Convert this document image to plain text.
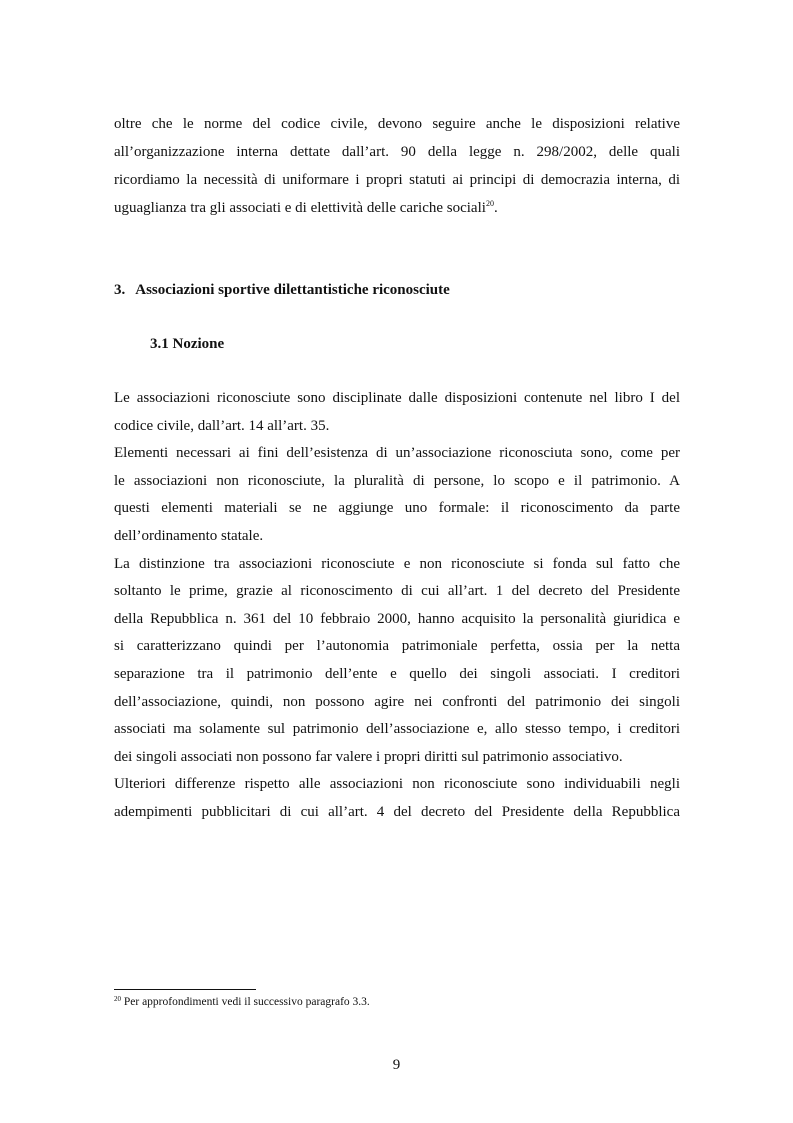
oltre che le norme del codice civile, devono seguire anche le disposizioni relative
all’organizzazione interna dettate dall’art. 90 della legge n. 298/2002, delle quali
ricordiamo la necessità di uniformare i propri statuti ai principi di democrazia interna, di
uguaglianza tra gli associati e di elettività delle cariche sociali$^{20}$.
3. Associazioni sportive dilettantistiche riconosciute
3.1 Nozione
Le associazioni riconosciute sono disciplinate dalle disposizioni contenute nel libro I del
codice civile, dall’art. 14 all’art. 35.
Elementi necessari ai fini dell’esistenza di un’associazione riconosciuta sono, come per
le associazioni non riconosciute, la pluralità di persone, lo scopo e il patrimonio. A
questi elementi materiali se ne aggiunge uno formale: il riconoscimento da parte
dell’ordinamento statale.
La distinzione tra associazioni riconosciute e non riconosciute si fonda sul fatto che
soltanto le prime, grazie al riconoscimento di cui all’art. 1 del decreto del Presidente
della Repubblica n. 361 del 10 febbraio 2000, hanno acquisito la personalità giuridica e
si caratterizzano quindi per l’autonomia patrimoniale perfetta, ossia per la netta
separazione tra il patrimonio dell’ente e quello dei singoli associati. I creditori
dell’associazione, quindi, non possono agire nei confronti del patrimonio dei singoli
associati ma solamente sul patrimonio dell’associazione e, allo stesso tempo, i creditori
dei singoli associati non possono far valere i propri diritti sul patrimonio associativo.
Ulteriori differenze rispetto alle associazioni non riconosciute sono individuabili negli
adempimenti pubblicitari di cui all’art. 4 del decreto del Presidente della Repubblica
$^{20}$ Per approfondimenti vedi il successivo paragrafo 3.3.
9
